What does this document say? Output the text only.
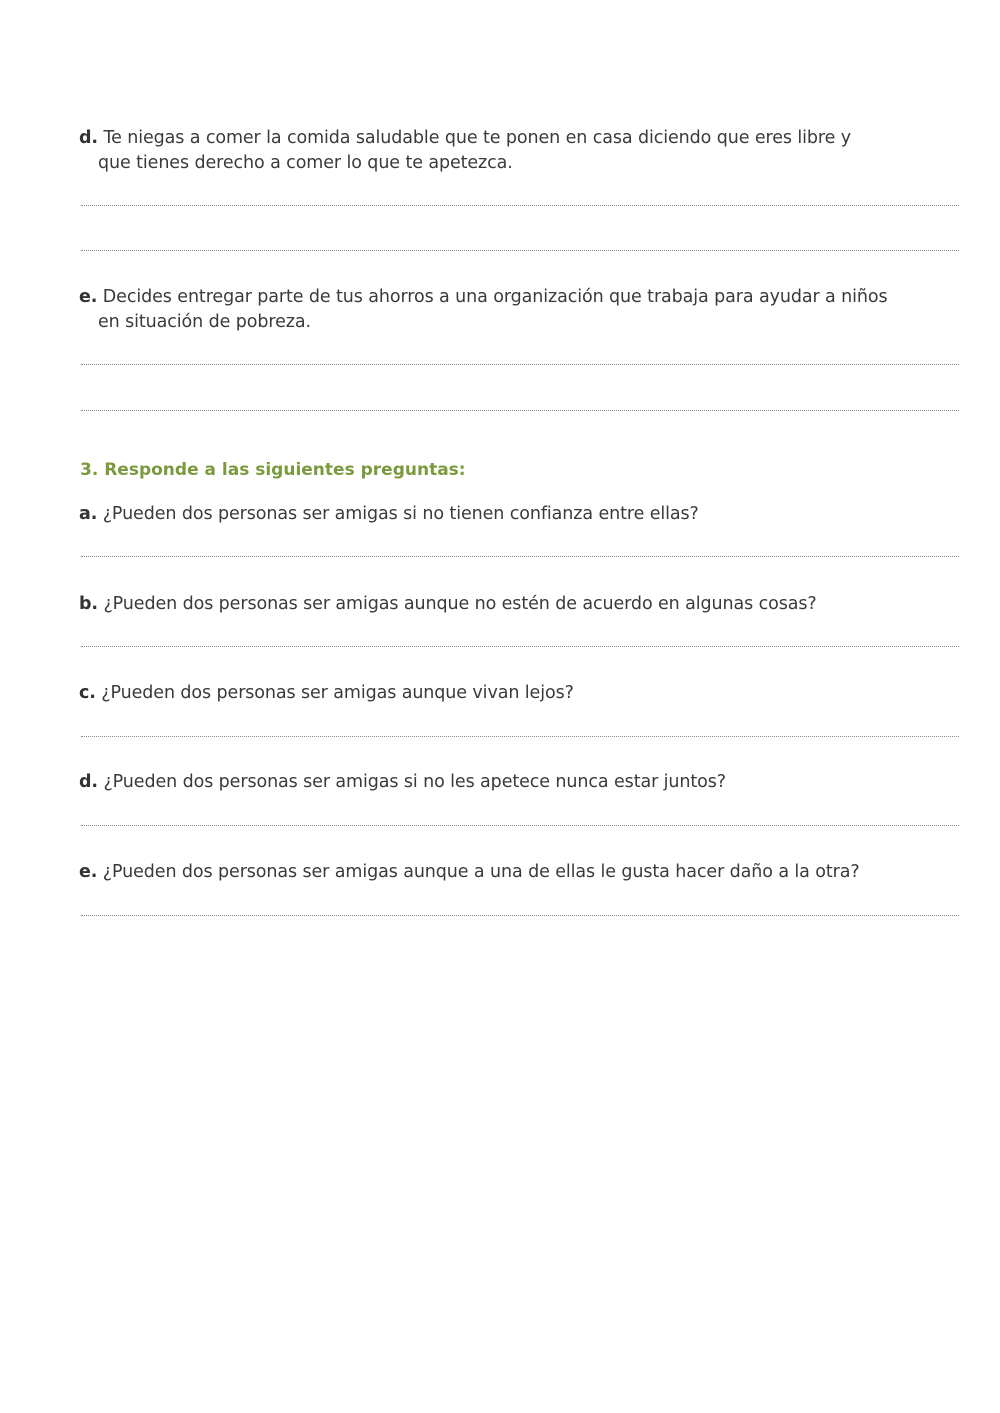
d. Te niegas a comer la comida saludable que te ponen en casa diciendo que eres libre y
que tienes derecho a comer lo que te apetezca.
e. Decides entregar parte de tus ahorros a una organización que trabaja para ayudar a niños
en situación de pobreza.
3. Responde a las siguientes preguntas:
a. ¿Pueden dos personas ser amigas si no tienen confianza entre ellas?
b. ¿Pueden dos personas ser amigas aunque no estén de acuerdo en algunas cosas?
c. ¿Pueden dos personas ser amigas aunque vivan lejos?
d. ¿Pueden dos personas ser amigas si no les apetece nunca estar juntos?
e. ¿Pueden dos personas ser amigas aunque a una de ellas le gusta hacer daño a la otra?
